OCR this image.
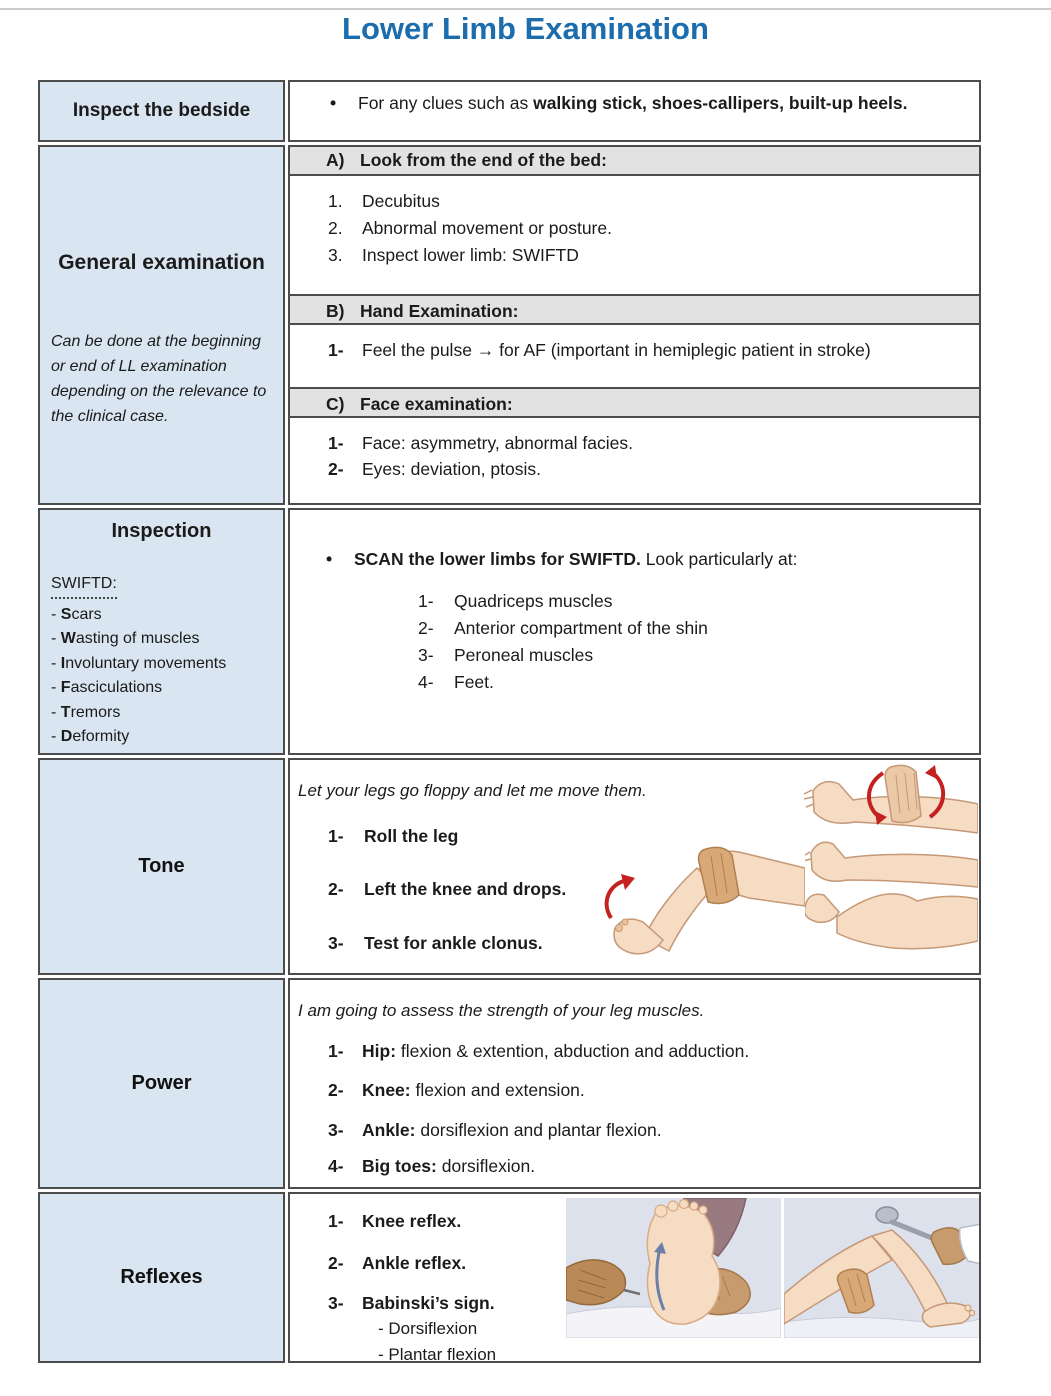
Lower Limb Examination
Inspect the bedside	• For any clues such as walking stick, shoes-callipers, built-up heels.
General examination
Can be done at the beginning or end of LL examination depending on the relevance to the clinical case.
A) Look from the end of the bed:
1. Decubitus
2. Abnormal movement or posture.
3. Inspect lower limb: SWIFTD
B) Hand Examination:
1- Feel the pulse → for AF (important in hemiplegic patient in stroke)
C) Face examination:
1- Face: asymmetry, abnormal facies.
2- Eyes: deviation, ptosis.
Inspection
SWIFTD:
- Scars
- Wasting of muscles
- Involuntary movements
- Fasciculations
- Tremors
- Deformity
• SCAN the lower limbs for SWIFTD. Look particularly at:
1- Quadriceps muscles
2- Anterior compartment of the shin
3- Peroneal muscles
4- Feet.
Tone
Let your legs go floppy and let me move them.
1- Roll the leg
2- Left the knee and drops.
3- Test for ankle clonus.
Power
I am going to assess the strength of your leg muscles.
1- Hip: flexion & extention, abduction and adduction.
2- Knee: flexion and extension.
3- Ankle: dorsiflexion and plantar flexion.
4- Big toes: dorsiflexion.
Reflexes
1- Knee reflex.
2- Ankle reflex.
3- Babinski’s sign.
- Dorsiflexion
- Plantar flexion
